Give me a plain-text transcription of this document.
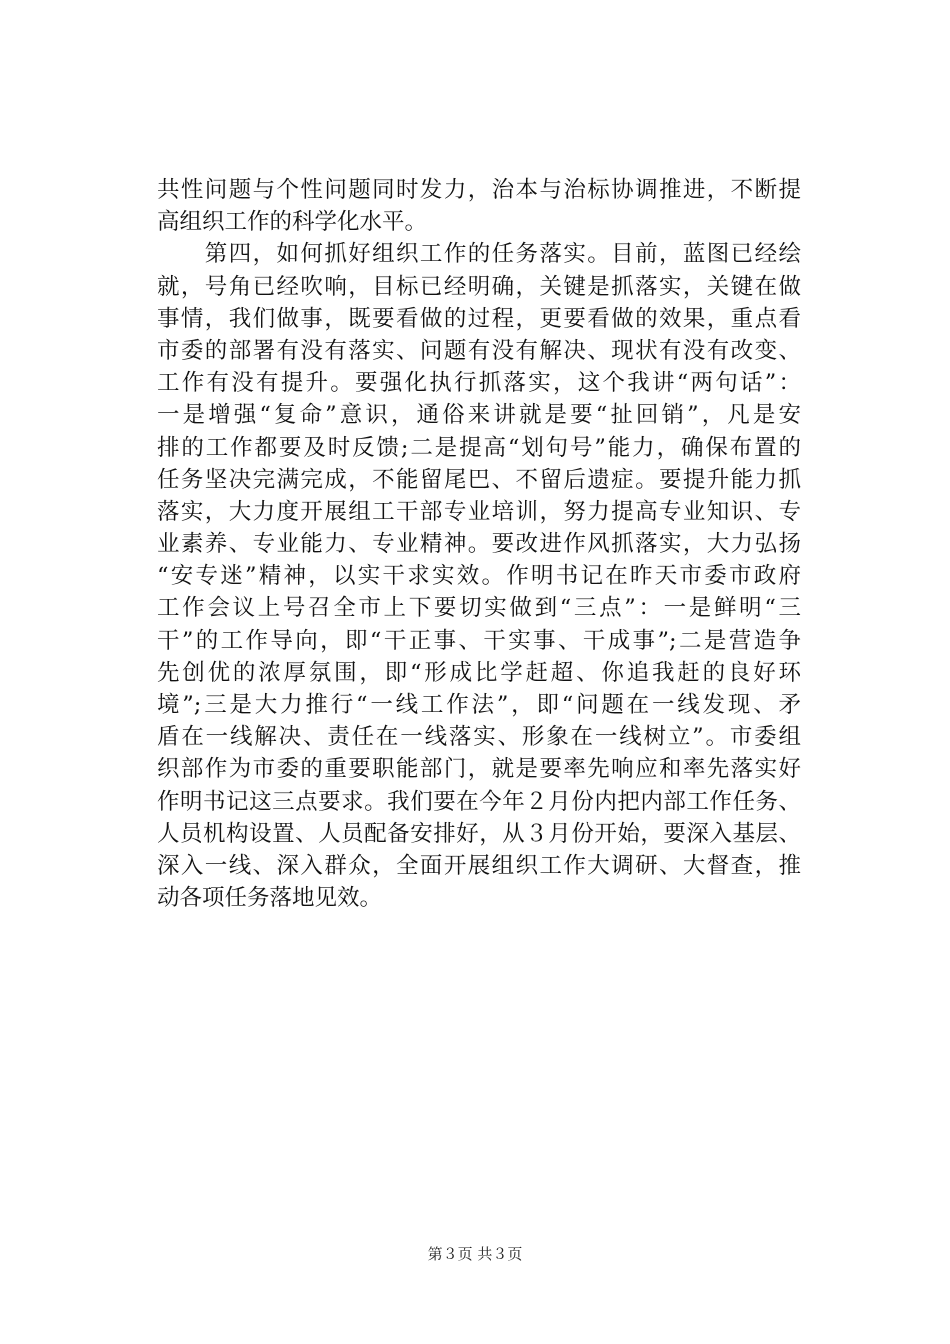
共性问题与个性问题同时发力，治本与治标协调推进，不断提
高组织工作的科学化水平。
　　第四，如何抓好组织工作的任务落实。目前，蓝图已经绘
就，号角已经吹响，目标已经明确，关键是抓落实，关键在做
事情，我们做事，既要看做的过程，更要看做的效果，重点看
市委的部署有没有落实、问题有没有解决、现状有没有改变、
工作有没有提升。要强化执行抓落实，这个我讲“两句话”：
一是增强“复命”意识，通俗来讲就是要“扯回销”，凡是安
排的工作都要及时反馈;二是提高“划句号”能力，确保布置的
任务坚决完满完成，不能留尾巴、不留后遗症。要提升能力抓
落实，大力度开展组工干部专业培训，努力提高专业知识、专
业素养、专业能力、专业精神。要改进作风抓落实，大力弘扬
“安专迷”精神，以实干求实效。作明书记在昨天市委市政府
工作会议上号召全市上下要切实做到“三点”：一是鲜明“三
干”的工作导向，即“干正事、干实事、干成事”;二是营造争
先创优的浓厚氛围，即“形成比学赶超、你追我赶的良好环
境”;三是大力推行“一线工作法”，即“问题在一线发现、矛
盾在一线解决、责任在一线落实、形象在一线树立”。市委组
织部作为市委的重要职能部门，就是要率先响应和率先落实好
作明书记这三点要求。我们要在今年２月份内把内部工作任务、
人员机构设置、人员配备安排好，从３月份开始，要深入基层、
深入一线、深入群众，全面开展组织工作大调研、大督查，推
动各项任务落地见效。
第３页 共３页
